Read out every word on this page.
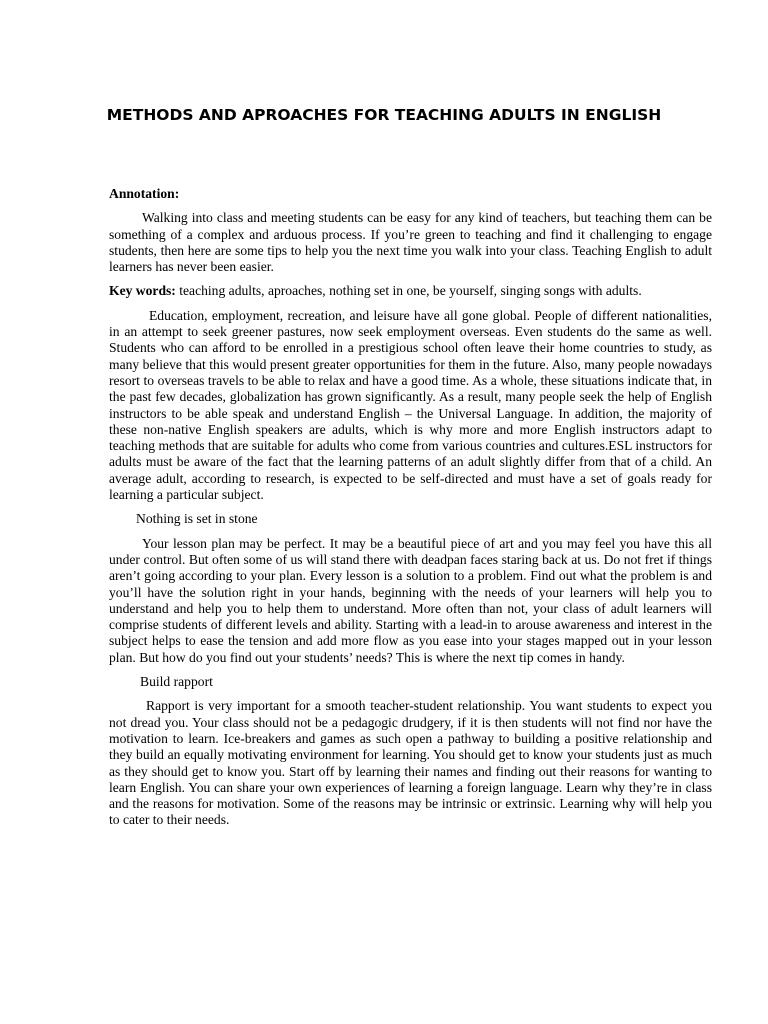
METHODS AND APROACHES FOR TEACHING ADULTS IN ENGLISH

Annotation:

Walking into class and meeting students can be easy for any kind of teachers, but teaching them can be something of a complex and arduous process. If you’re green to teaching and find it challenging to engage students, then here are some tips to help you the next time you walk into your class. Teaching English to adult learners has never been easier.

Key words: teaching adults, aproaches, nothing set in one, be yourself, singing songs with adults.

Education, employment, recreation, and leisure have all gone global. People of different nationalities, in an attempt to seek greener pastures, now seek employment overseas. Even students do the same as well. Students who can afford to be enrolled in a prestigious school often leave their home countries to study, as many believe that this would present greater opportunities for them in the future. Also, many people nowadays resort to overseas travels to be able to relax and have a good time. As a whole, these situations indicate that, in the past few decades, globalization has grown significantly. As a result, many people seek the help of English instructors to be able speak and understand English – the Universal Language. In addition, the majority of these non-native English speakers are adults, which is why more and more English instructors adapt to teaching methods that are suitable for adults who come from various countries and cultures.ESL instructors for adults must be aware of the fact that the learning patterns of an adult slightly differ from that of a child. An average adult, according to research, is expected to be self-directed and must have a set of goals ready for learning a particular subject.

Nothing is set in stone

Your lesson plan may be perfect. It may be a beautiful piece of art and you may feel you have this all under control. But often some of us will stand there with deadpan faces staring back at us. Do not fret if things aren’t going according to your plan. Every lesson is a solution to a problem. Find out what the problem is and you’ll have the solution right in your hands, beginning with the needs of your learners will help you to understand and help you to help them to understand. More often than not, your class of adult learners will comprise students of different levels and ability. Starting with a lead-in to arouse awareness and interest in the subject helps to ease the tension and add more flow as you ease into your stages mapped out in your lesson plan. But how do you find out your students’ needs? This is where the next tip comes in handy.

Build rapport

Rapport is very important for a smooth teacher-student relationship. You want students to expect you not dread you. Your class should not be a pedagogic drudgery, if it is then students will not find nor have the motivation to learn. Ice-breakers and games as such open a pathway to building a positive relationship and they build an equally motivating environment for learning. You should get to know your students just as much as they should get to know you. Start off by learning their names and finding out their reasons for wanting to learn English. You can share your own experiences of learning a foreign language. Learn why they’re in class and the reasons for motivation. Some of the reasons may be intrinsic or extrinsic. Learning why will help you to cater to their needs.
